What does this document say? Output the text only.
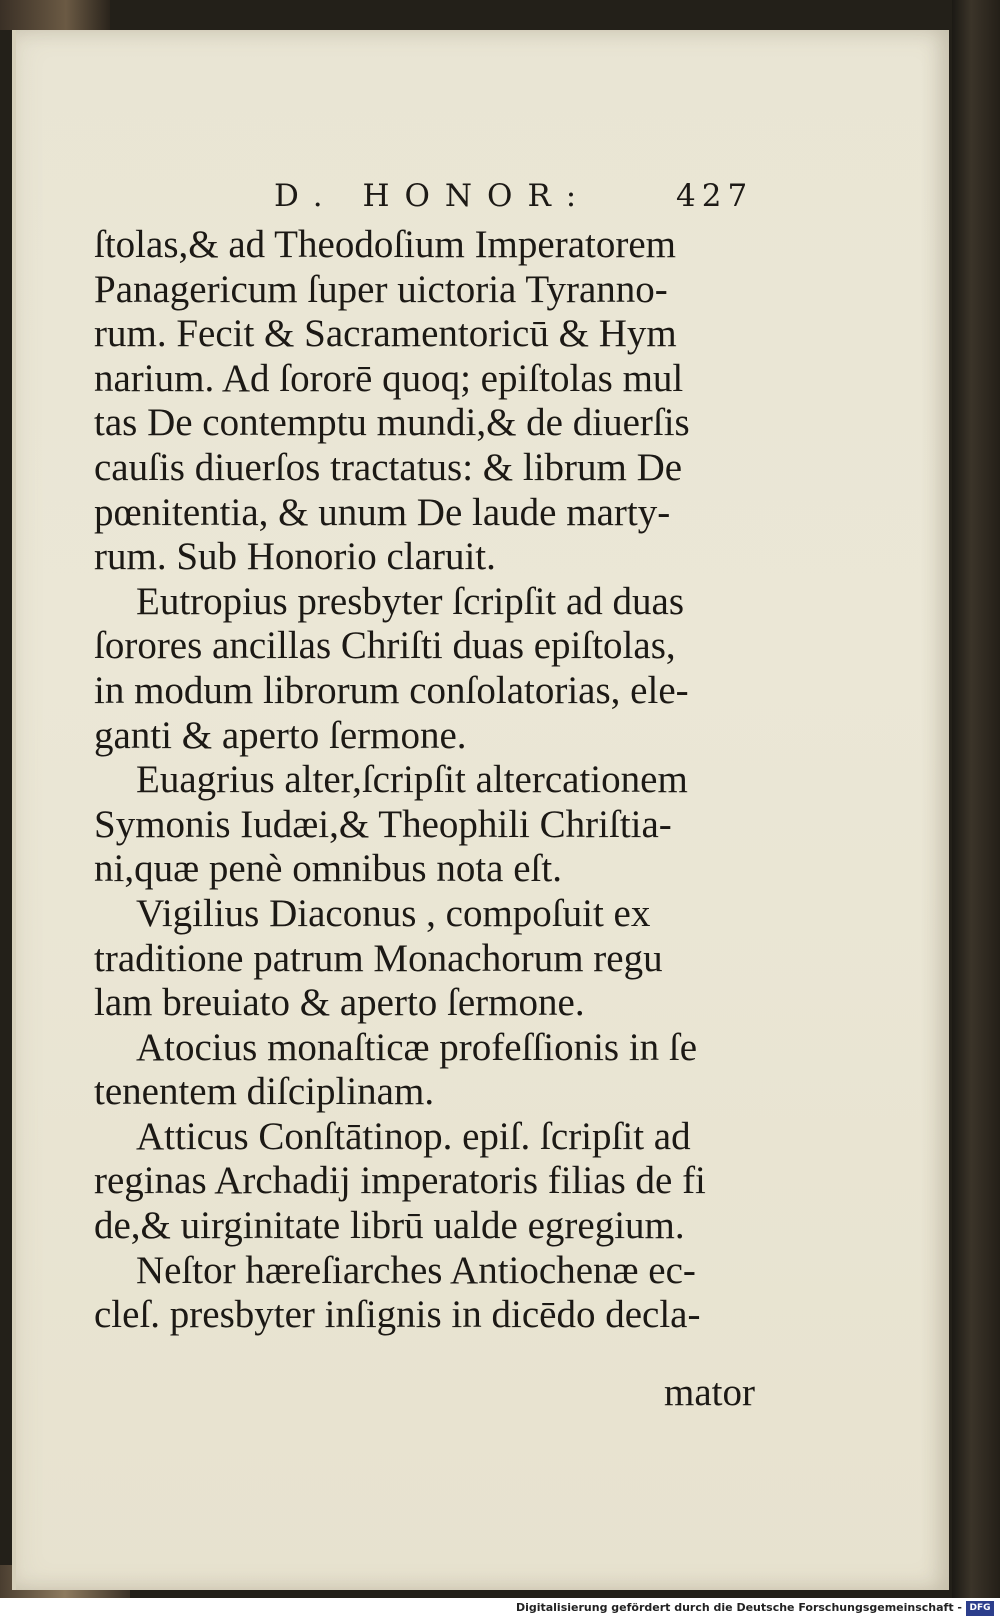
D. HONOR:	427
ſtolas,& ad Theodoſium Imperatorem
Panagericum ſuper uictoria Tyranno-
rum. Fecit & Sacramentoricū & Hym
narium. Ad ſororē quoq; epiſtolas mul
tas De contemptu mundi,& de diuerſis
cauſis diuerſos tractatus: & librum De
pœnitentia, & unum De laude marty-
rum. Sub Honorio claruit.
Eutropius presbyter ſcripſit ad duas
ſorores ancillas Chriſti duas epiſtolas,
in modum librorum conſolatorias, ele-
ganti & aperto ſermone.
Euagrius alter,ſcripſit altercationem
Symonis Iudæi,& Theophili Chriſtia-
ni,quæ penè omnibus nota eſt.
Vigilius Diaconus , compoſuit ex
traditione patrum Monachorum regu
lam breuiato & aperto ſermone.
Atocius monaſticæ profeſſionis in ſe
tenentem diſciplinam.
Atticus Conſtātinop. epiſ. ſcripſit ad
reginas Archadij imperatoris filias de fi
de,& uirginitate librū ualde egregium.
Neſtor hæreſiarches Antiochenæ ec-
cleſ. presbyter inſignis in dicēdo decla-
mator
Digitalisierung gefördert durch die Deutsche Forschungsgemeinschaft - DFG
